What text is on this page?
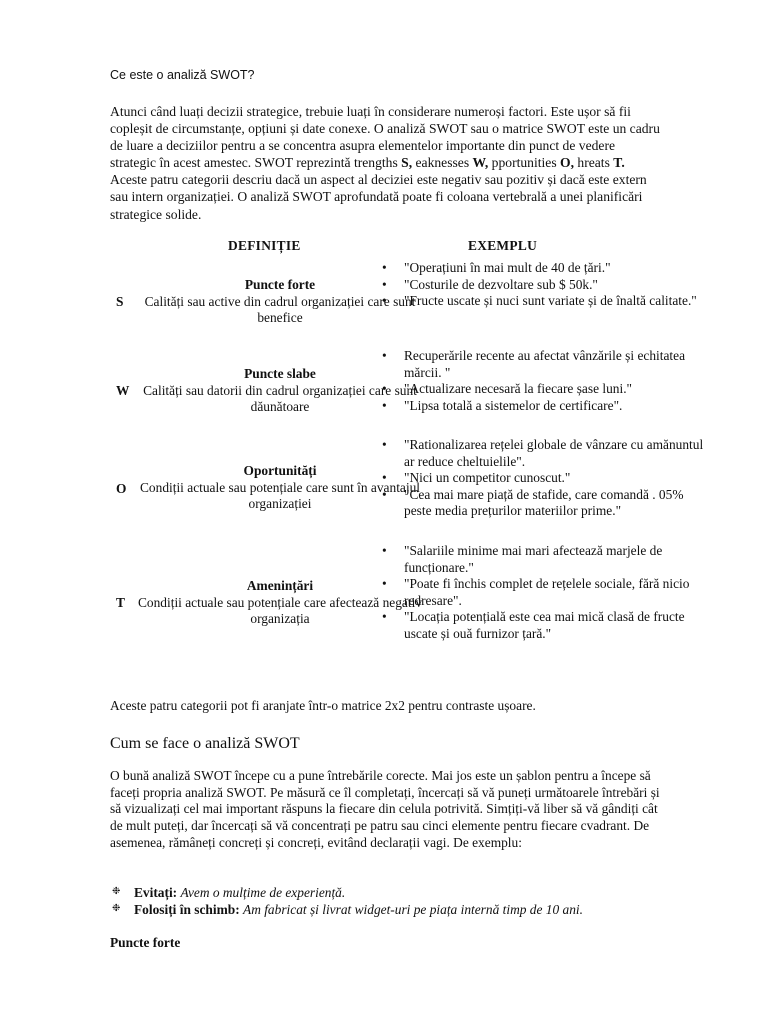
Ce este o analiză SWOT?
Atunci când luați decizii strategice, trebuie luați în considerare numeroși factori. Este ușor să fii copleșit de circumstanțe, opțiuni și date conexe. O analiză SWOT sau o matrice SWOT este un cadru de luare a deciziilor pentru a se concentra asupra elementelor importante din punct de vedere strategic în acest amestec. SWOT reprezintă trengths S, eaknesses W, pportunities O, hreats T. Aceste patru categorii descriu dacă un aspect al deciziei este negativ sau pozitiv și dacă este extern sau intern organizației. O analiză SWOT aprofundată poate fi coloana vertebrală a unei planificări strategice solide.
DEFINIȚIE	EXEMPLU
S
Puncte forte
Calități sau active din cadrul organizației care sunt benefice
• "Operațiuni în mai mult de 40 de țări."
• "Costurile de dezvoltare sub $ 50k."
• "Fructe uscate și nuci sunt variate și de înaltă calitate."
W
Puncte slabe
Calități sau datorii din cadrul organizației care sunt dăunătoare
• Recuperările recente au afectat vânzările și echitatea mărcii. "
• "Actualizare necesară la fiecare șase luni."
• "Lipsa totală a sistemelor de certificare".
O
Oportunități
Condiții actuale sau potențiale care sunt în avantajul organizației
• "Rationalizarea rețelei globale de vânzare cu amănuntul ar reduce cheltuielile".
• "Nici un competitor cunoscut."
• "Cea mai mare piață de stafide, care comandă . 05% peste media prețurilor materiilor prime."
T
Amenințări
Condiții actuale sau potențiale care afectează negativ organizația
• "Salariile minime mai mari afectează marjele de funcționare."
• "Poate fi închis complet de rețelele sociale, fără nicio redresare".
• "Locația potențială este cea mai mică clasă de fructe uscate și ouă furnizor țară."
Aceste patru categorii pot fi aranjate într-o matrice 2x2 pentru contraste ușoare.
Cum se face o analiză SWOT
O bună analiză SWOT începe cu a pune întrebările corecte. Mai jos este un șablon pentru a începe să faceți propria analiză SWOT. Pe măsură ce îl completați, încercați să vă puneți următoarele întrebări și să vizualizați cel mai important răspuns la fiecare din celula potrivită. Simțiți-vă liber să vă gândiți cât de mult puteți, dar încercați să vă concentrați pe patru sau cinci elemente pentru fiecare cvadrant. De asemenea, rămâneți concreți și concreți, evitând declarații vagi. De exemplu:
❉ Evitați: Avem o mulțime de experiență.
❉ Folosiți în schimb: Am fabricat și livrat widget-uri pe piața internă timp de 10 ani.
Puncte forte
